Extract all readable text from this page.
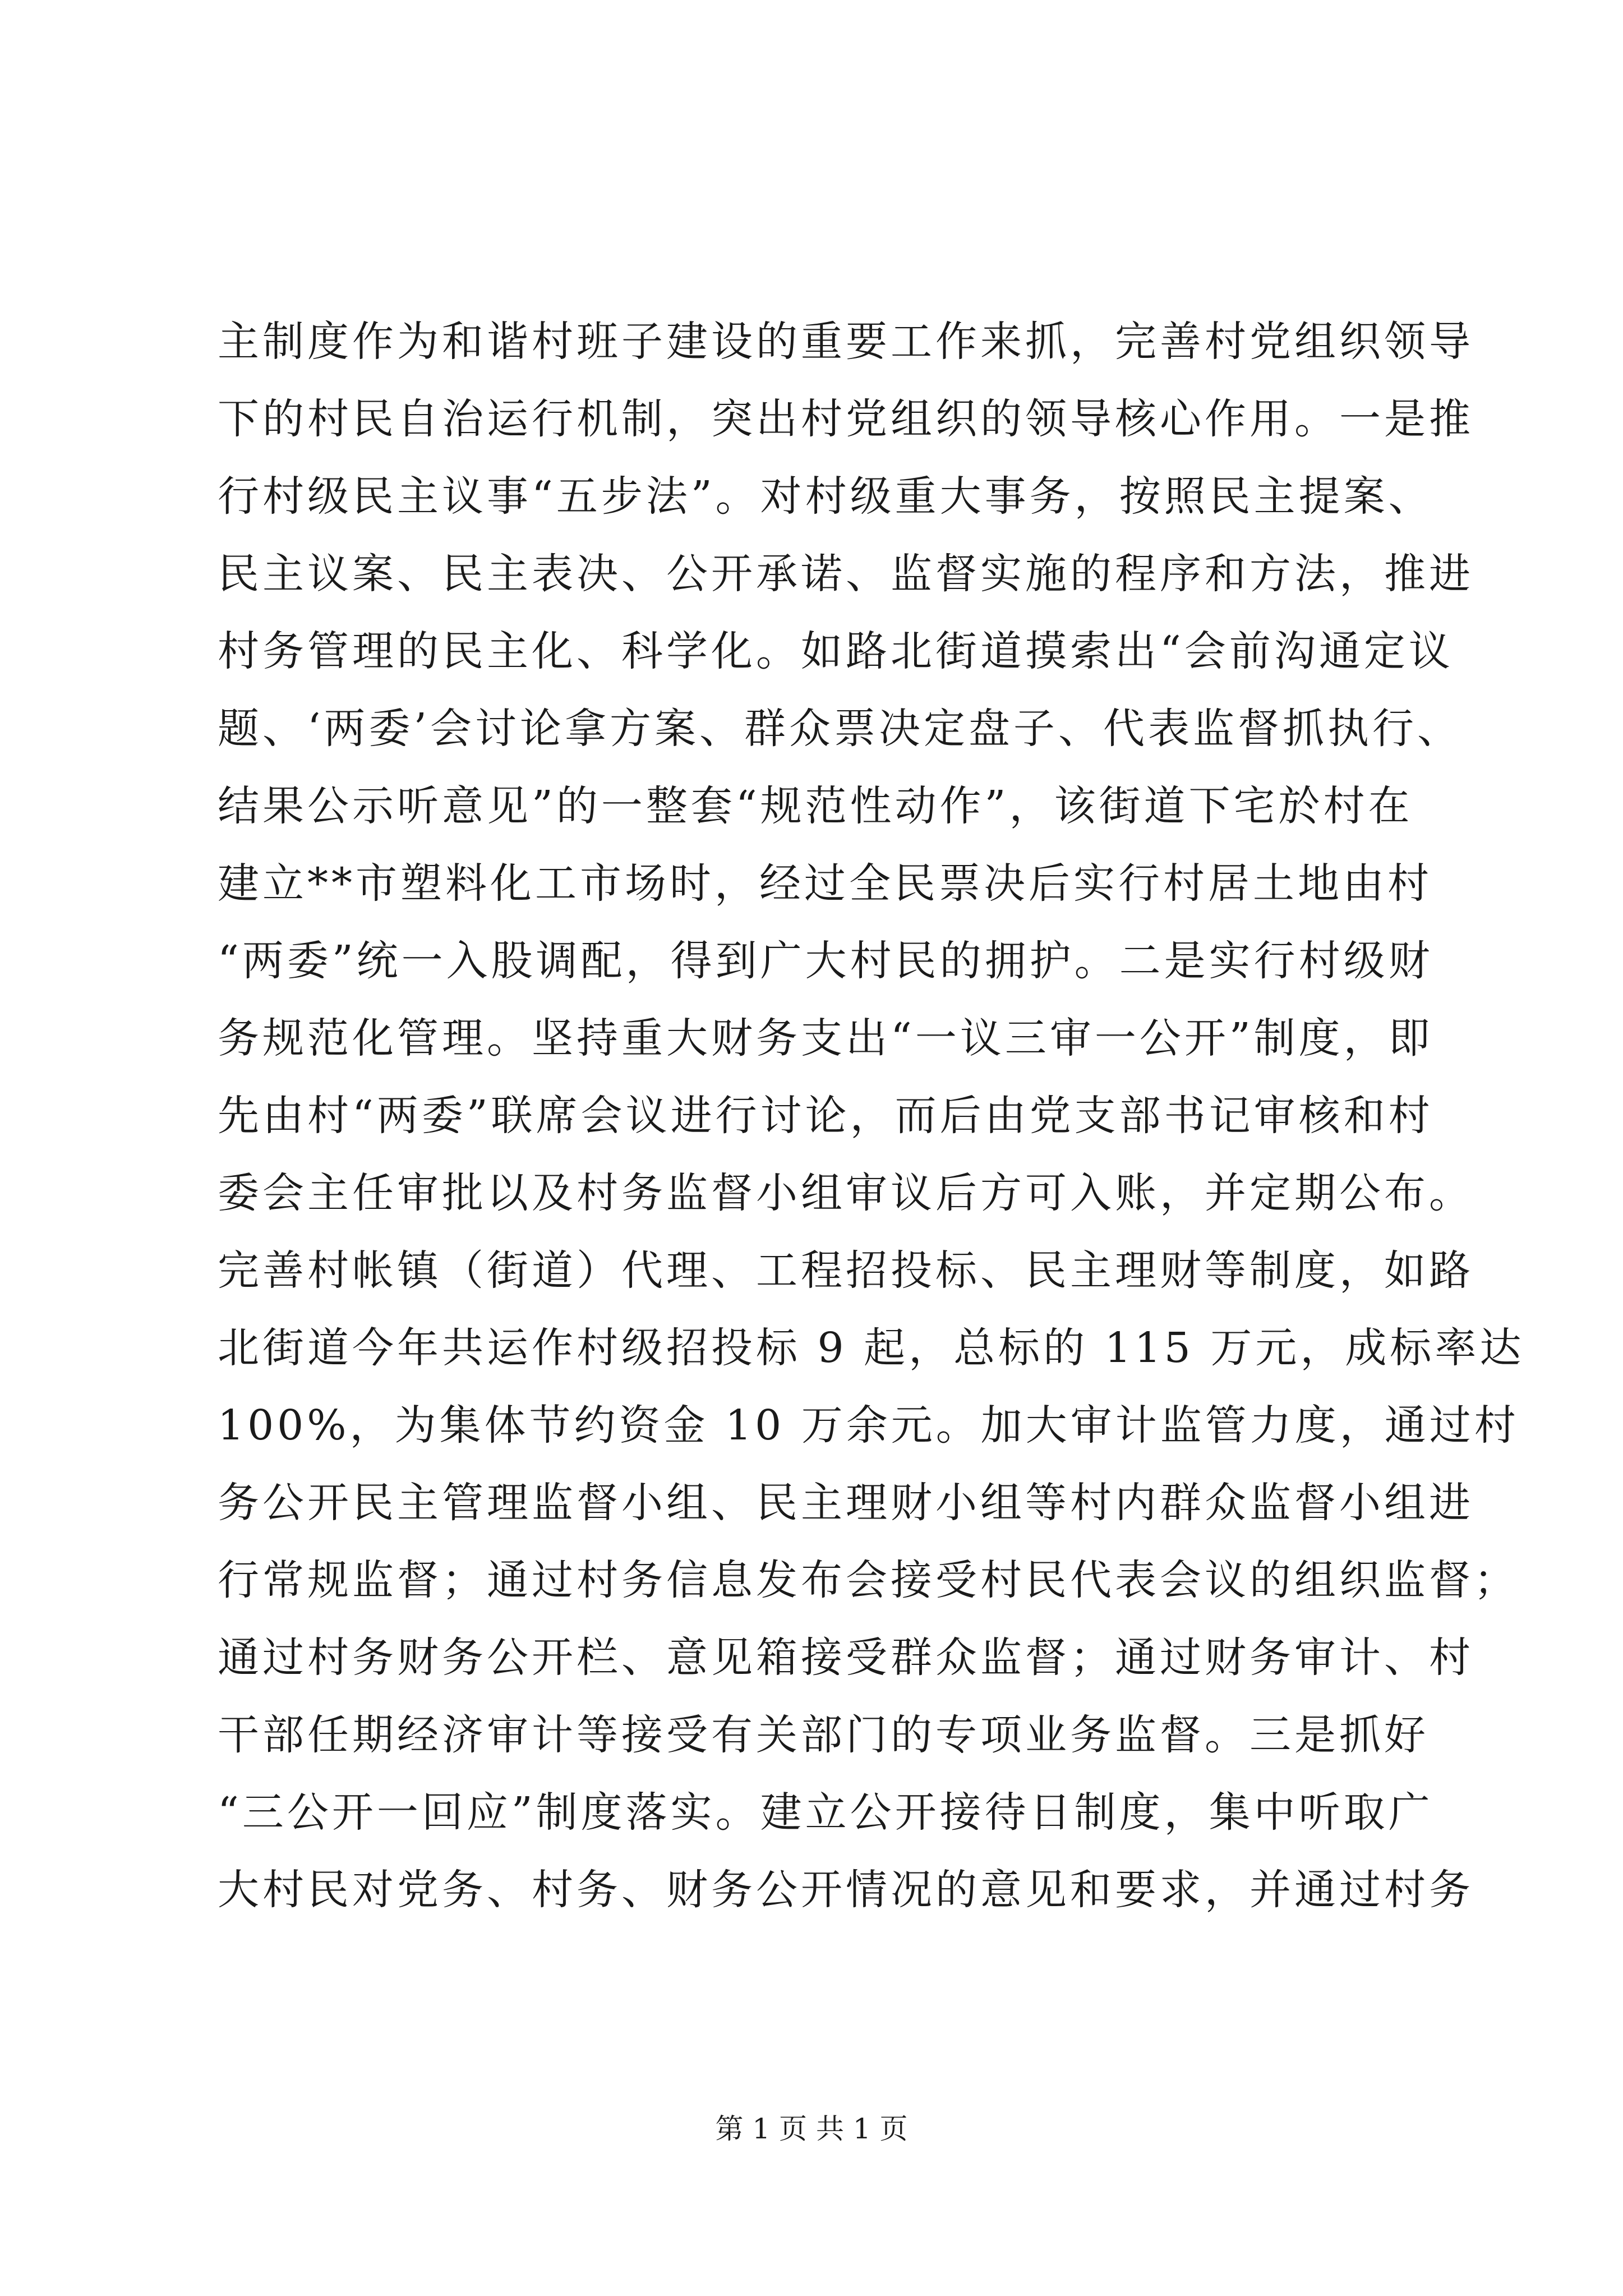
主制度作为和谐村班子建设的重要工作来抓，完善村党组织领导
下的村民自治运行机制，突出村党组织的领导核心作用。一是推
行村级民主议事“五步法”。对村级重大事务，按照民主提案、
民主议案、民主表决、公开承诺、监督实施的程序和方法，推进
村务管理的民主化、科学化。如路北街道摸索出“会前沟通定议
题、‘两委’会讨论拿方案、群众票决定盘子、代表监督抓执行、
结果公示听意见”的一整套“规范性动作”，该街道下宅於村在
建立**市塑料化工市场时，经过全民票决后实行村居土地由村
“两委”统一入股调配，得到广大村民的拥护。二是实行村级财
务规范化管理。坚持重大财务支出“一议三审一公开”制度，即
先由村“两委”联席会议进行讨论，而后由党支部书记审核和村
委会主任审批以及村务监督小组审议后方可入账，并定期公布。
完善村帐镇（街道）代理、工程招投标、民主理财等制度，如路
北街道今年共运作村级招投标 9 起，总标的 115 万元，成标率达
100%，为集体节约资金 10 万余元。加大审计监管力度，通过村
务公开民主管理监督小组、民主理财小组等村内群众监督小组进
行常规监督；通过村务信息发布会接受村民代表会议的组织监督；
通过村务财务公开栏、意见箱接受群众监督；通过财务审计、村
干部任期经济审计等接受有关部门的专项业务监督。三是抓好
“三公开一回应”制度落实。建立公开接待日制度，集中听取广
大村民对党务、村务、财务公开情况的意见和要求，并通过村务
第 1 页 共 1 页
